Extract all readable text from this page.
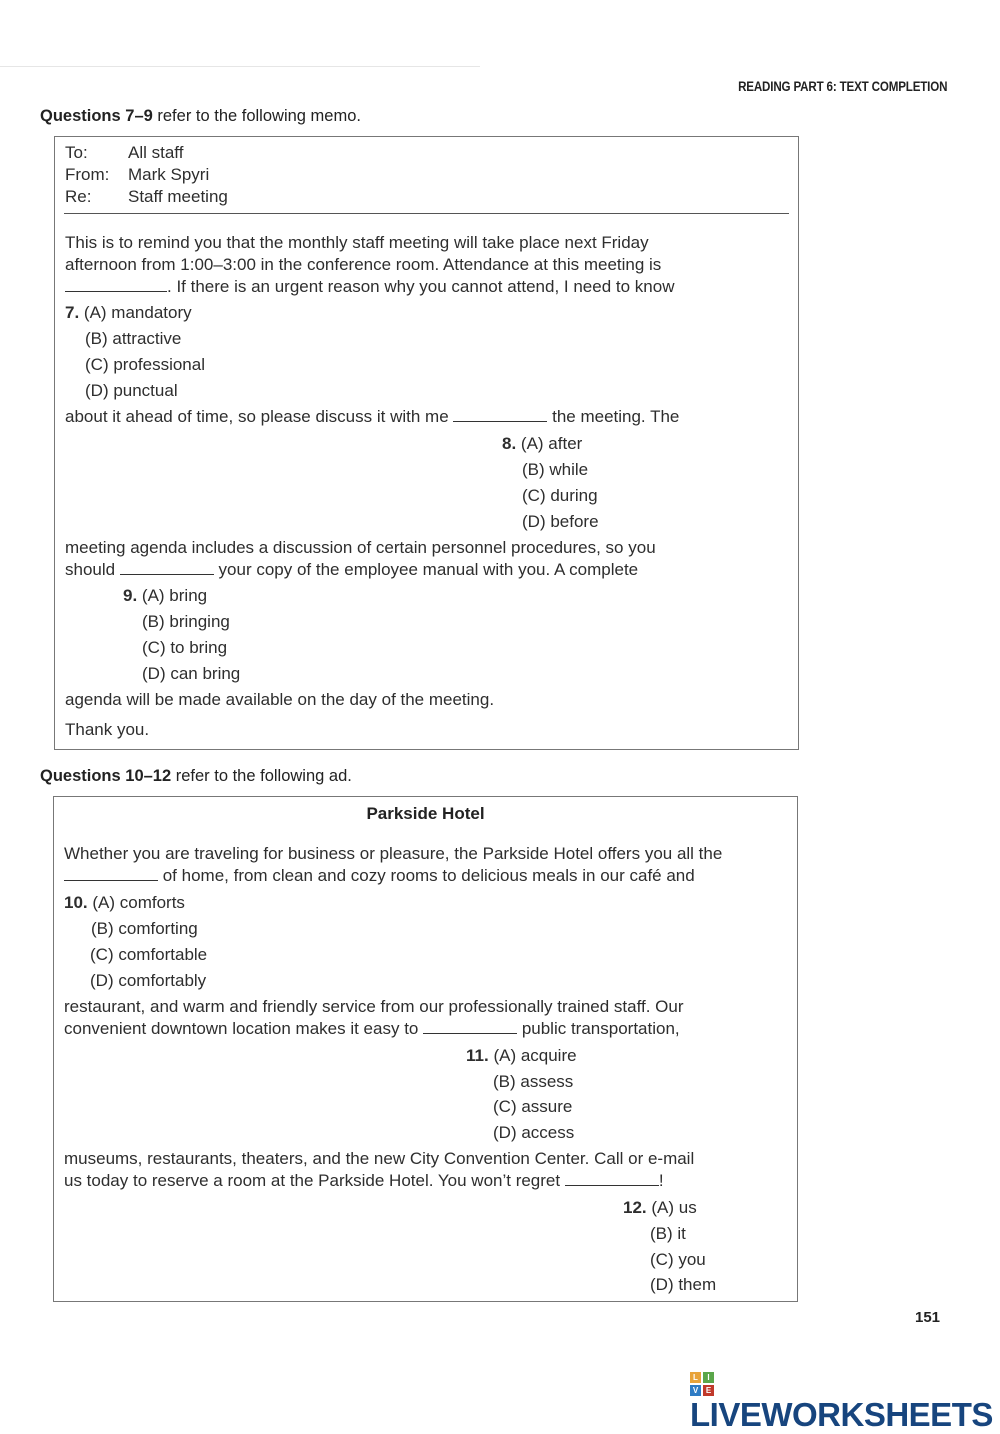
READING PART 6: TEXT COMPLETION
Questions 7–9 refer to the following memo.
To: All staff
From: Mark Spyri
Re: Staff meeting
This is to remind you that the monthly staff meeting will take place next Friday
afternoon from 1:00–3:00 in the conference room. Attendance at this meeting is
. If there is an urgent reason why you cannot attend, I need to know
7. (A) mandatory
(B) attractive
(C) professional
(D) punctual
about it ahead of time, so please discuss it with me	the meeting. The
8. (A) after
(B) while
(C) during
(D) before
meeting agenda includes a discussion of certain personnel procedures, so you
should	your copy of the employee manual with you. A complete
9. (A) bring
(B) bringing
(C) to bring
(D) can bring
agenda will be made available on the day of the meeting.
Thank you.
Questions 10–12 refer to the following ad.
Parkside Hotel
Whether you are traveling for business or pleasure, the Parkside Hotel offers you all the
of home, from clean and cozy rooms to delicious meals in our café and
10. (A) comforts
(B) comforting
(C) comfortable
(D) comfortably
restaurant, and warm and friendly service from our professionally trained staff. Our
convenient downtown location makes it easy to	public transportation,
11. (A) acquire
(B) assess
(C) assure
(D) access
museums, restaurants, theaters, and the new City Convention Center. Call or e-mail
us today to reserve a room at the Parkside Hotel. You won’t regret	!
12. (A) us
(B) it
(C) you
(D) them
151
L	I
V E
LIVEWORKSHEETS
